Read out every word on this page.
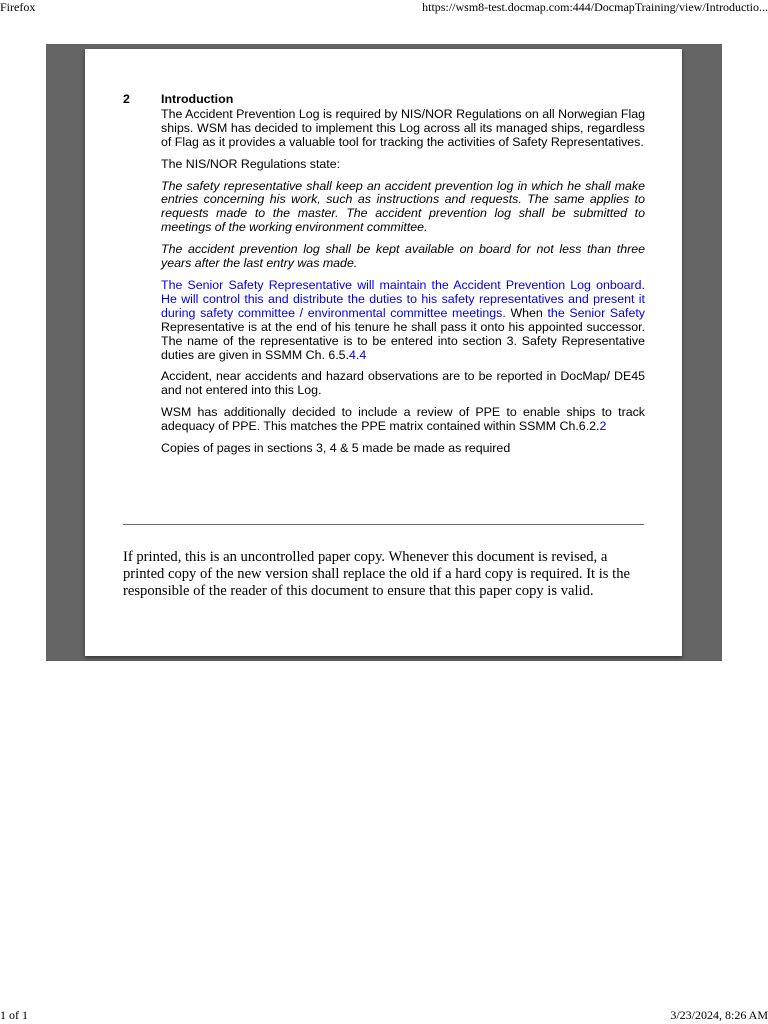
Firefox	https://wsm8-test.docmap.com:444/DocmapTraining/view/Introductio...
2	Introduction
The Accident Prevention Log is required by NIS/NOR Regulations on all Norwegian Flag ships. WSM has decided to implement this Log across all its managed ships, regardless of Flag as it provides a valuable tool for tracking the activities of Safety Representatives.
The NIS/NOR Regulations state:
The safety representative shall keep an accident prevention log in which he shall make entries concerning his work, such as instructions and requests. The same applies to requests made to the master. The accident prevention log shall be submitted to meetings of the working environment committee.
The accident prevention log shall be kept available on board for not less than three years after the last entry was made.
The Senior Safety Representative will maintain the Accident Prevention Log onboard. He will control this and distribute the duties to his safety representatives and present it during safety committee / environmental committee meetings. When the Senior Safety Representative is at the end of his tenure he shall pass it onto his appointed successor. The name of the representative is to be entered into section 3. Safety Representative duties are given in SSMM Ch. 6.5.4.4
Accident, near accidents and hazard observations are to be reported in DocMap/ DE45 and not entered into this Log.
WSM has additionally decided to include a review of PPE to enable ships to track adequacy of PPE. This matches the PPE matrix contained within SSMM Ch.6.2.2
Copies of pages in sections 3, 4 & 5 made be made as required
If printed, this is an uncontrolled paper copy. Whenever this document is revised, a printed copy of the new version shall replace the old if a hard copy is required. It is the responsible of the reader of this document to ensure that this paper copy is valid.
1 of 1	3/23/2024, 8:26 AM
